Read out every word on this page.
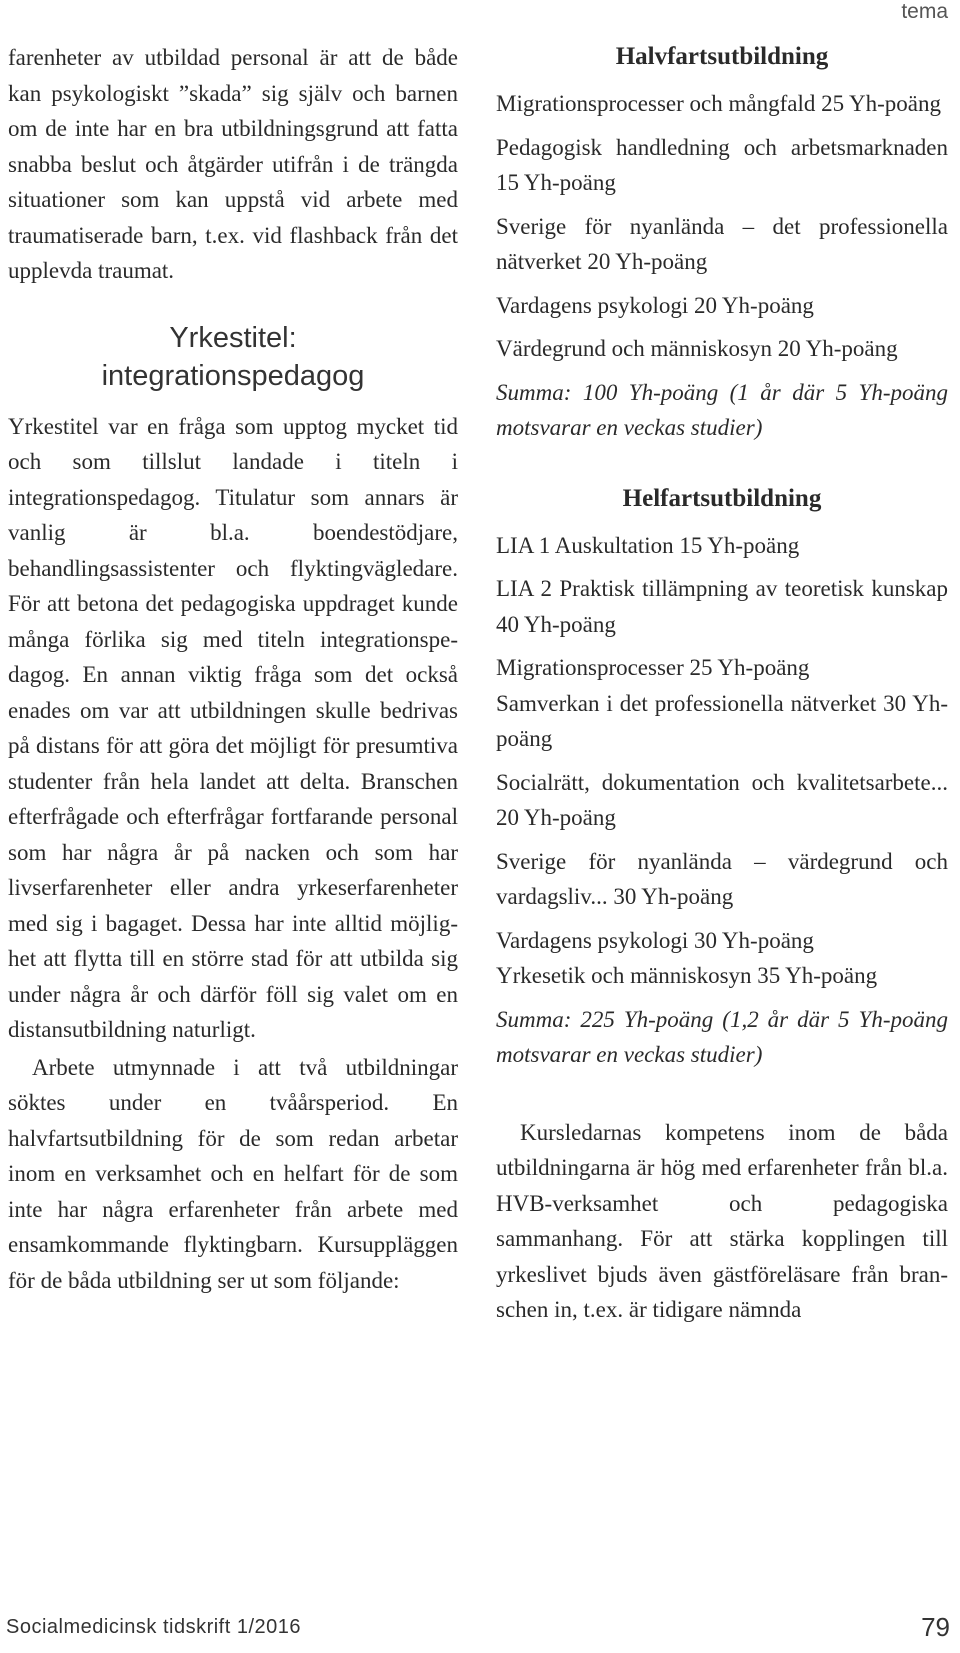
tema

farenheter av utbildad personal är att de både kan psykologiskt ”skada” sig själv och barnen om de inte har en bra utbildningsgrund att fatta snabba beslut och åtgärder utifrån i de trängda situationer som kan uppstå vid arbete med traumatiserade barn, t.ex. vid flashback från det upplevda traumat.

Yrkestitel:
integrationspedagog

Yrkestitel var en fråga som upptog mycket tid och som tillslut landade i titeln i integrationspedagog. Titulatur som annars är vanlig är bl.a. boendestödjare, behandlingsassistenter och flyktingvägledare. För att betona det pedagogiska uppdraget kunde många förlika sig med titeln integrationspedagog. En annan viktig fråga som det också enades om var att utbildningen skulle bedrivas på distans för att göra det möjligt för presumtiva studenter från hela landet att delta. Branschen efterfrågade och efterfrågar fortfarande personal som har några år på nacken och som har livserfarenheter eller andra yrkeserfarenheter med sig i bagaget. Dessa har inte alltid möjlighet att flytta till en större stad för att utbilda sig under några år och därför föll sig valet om en distansutbildning naturligt.

Arbete utmynnade i att två utbildningar söktes under en tvåårsperiod. En halvfartsutbildning för de som redan arbetar inom en verksamhet och en helfart för de som inte har några erfarenheter från arbete med ensamkommande flyktingbarn. Kursuppläggen för de båda utbildning ser ut som följande:

Halvfartsutbildning

Migrationsprocesser och mångfald 25 Yh-poäng

Pedagogisk handledning och arbetsmarknaden 15 Yh-poäng

Sverige för nyanlända – det professionella nätverket 20 Yh-poäng

Vardagens psykologi 20 Yh-poäng

Värdegrund och människosyn 20 Yh-poäng

Summa: 100 Yh-poäng (1 år där 5 Yh-poäng motsvarar en veckas studier)

Helfartsutbildning

LIA 1 Auskultation 15 Yh-poäng

LIA 2 Praktisk tillämpning av teoretisk kunskap 40 Yh-poäng

Migrationsprocesser 25 Yh-poäng

Samverkan i det professionella nätverket 30 Yh-poäng

Socialrätt, dokumentation och kvalitetsarbete... 20 Yh-poäng

Sverige för nyanlända – värdegrund och vardagsliv... 30 Yh-poäng

Vardagens psykologi 30 Yh-poäng

Yrkesetik och människosyn 35 Yh-poäng

Summa: 225 Yh-poäng (1,2 år där 5 Yh-poäng motsvarar en veckas studier)

Kursledarnas kompetens inom de båda utbildningarna är hög med erfarenheter från bl.a. HVB-verksamhet och pedagogiska sammanhang. För att stärka kopplingen till yrkeslivet bjuds även gästföreläsare från branschen in, t.ex. är tidigare nämnda

Socialmedicinsk tidskrift 1/2016	79
